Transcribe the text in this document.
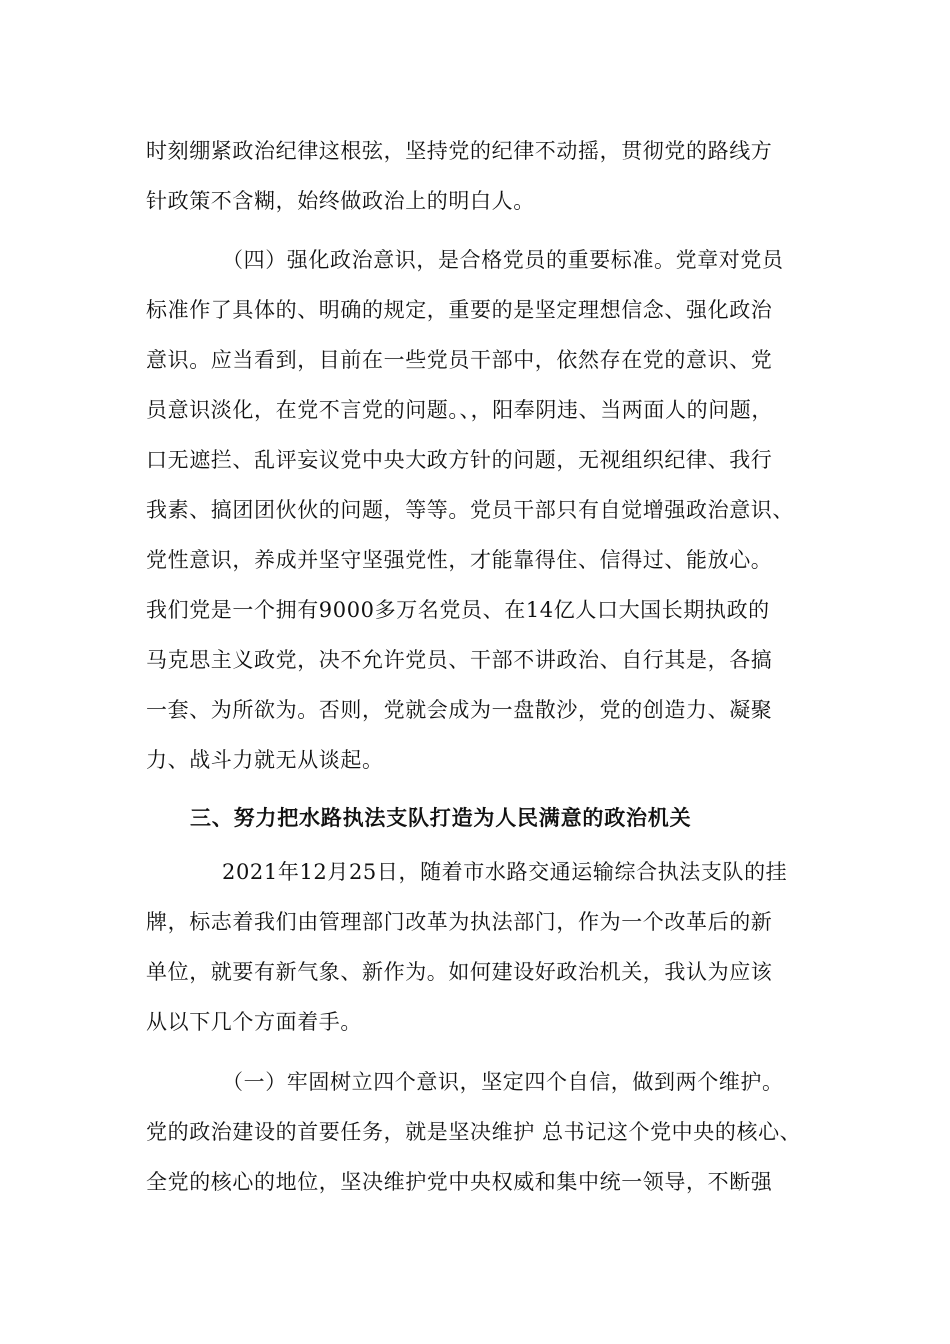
时刻绷紧政治纪律这根弦，坚持党的纪律不动摇，贯彻党的路线方
针政策不含糊，始终做政治上的明白人。
（四）强化政治意识，是合格党员的重要标准。党章对党员
标准作了具体的、明确的规定，重要的是坚定理想信念、强化政治
意识。应当看到，目前在一些党员干部中，依然存在党的意识、党
员意识淡化，在党不言党的问题。、，阳奉阴违、当两面人的问题，
口无遮拦、乱评妄议党中央大政方针的问题，无视组织纪律、我行
我素、搞团团伙伙的问题，等等。党员干部只有自觉增强政治意识、
党性意识，养成并坚守坚强党性，才能靠得住、信得过、能放心。
我们党是一个拥有9000多万名党员、在14亿人口大国长期执政的
马克思主义政党，决不允许党员、干部不讲政治、自行其是，各搞
一套、为所欲为。否则，党就会成为一盘散沙，党的创造力、凝聚
力、战斗力就无从谈起。
三、努力把水路执法支队打造为人民满意的政治机关
2021年12月25日，随着市水路交通运输综合执法支队的挂
牌，标志着我们由管理部门改革为执法部门，作为一个改革后的新
单位，就要有新气象、新作为。如何建设好政治机关，我认为应该
从以下几个方面着手。
（一）牢固树立四个意识，坚定四个自信，做到两个维护。
党的政治建设的首要任务，就是坚决维护 总书记这个党中央的核心、
全党的核心的地位，坚决维护党中央权威和集中统一领导，不断强
